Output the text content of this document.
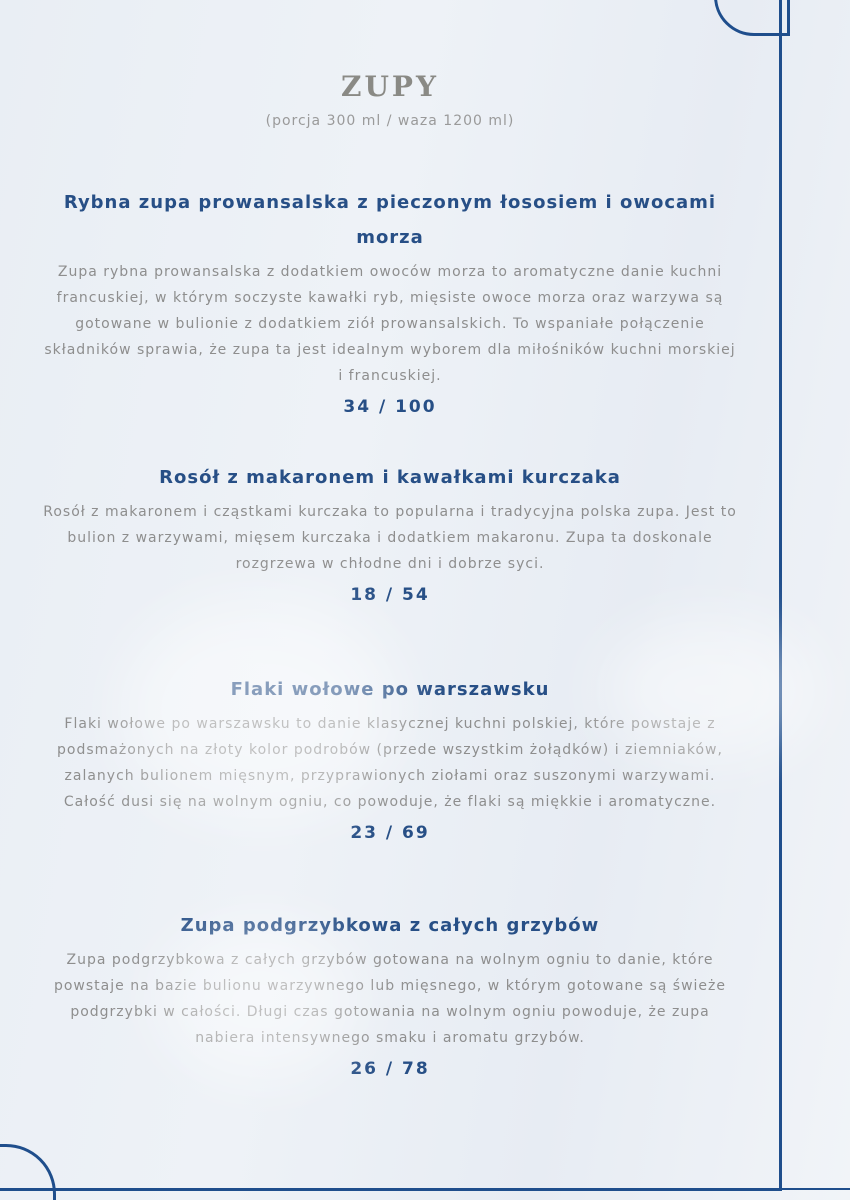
ZUPY
(porcja 300 ml / waza 1200 ml)
Rybna zupa prowansalska z pieczonym łososiem i owocami morza
Zupa rybna prowansalska z dodatkiem owoców morza to aromatyczne danie kuchni francuskiej, w którym soczyste kawałki ryb, mięsiste owoce morza oraz warzywa są gotowane w bulionie z dodatkiem ziół prowansalskich. To wspaniałe połączenie składników sprawia, że zupa ta jest idealnym wyborem dla miłośników kuchni morskiej i francuskiej.
34 / 100
Rosół z makaronem i kawałkami kurczaka
Rosół z makaronem i cząstkami kurczaka to popularna i tradycyjna polska zupa. Jest to bulion z warzywami, mięsem kurczaka i dodatkiem makaronu. Zupa ta doskonale rozgrzewa w chłodne dni i dobrze syci.
18 / 54
Flaki wołowe po warszawsku
Flaki wołowe po warszawsku to danie klasycznej kuchni polskiej, które powstaje z podsmażonych na złoty kolor podrobów (przede wszystkim żołądków) i ziemniaków, zalanych bulionem mięsnym, przyprawionych ziołami oraz suszonymi warzywami. Całość dusi się na wolnym ogniu, co powoduje, że flaki są miękkie i aromatyczne.
23 / 69
Zupa podgrzybkowa z całych grzybów
Zupa podgrzybkowa z całych grzybów gotowana na wolnym ogniu to danie, które powstaje na bazie bulionu warzywnego lub mięsnego, w którym gotowane są świeże podgrzybki w całości. Długi czas gotowania na wolnym ogniu powoduje, że zupa nabiera intensywnego smaku i aromatu grzybów.
26 / 78
